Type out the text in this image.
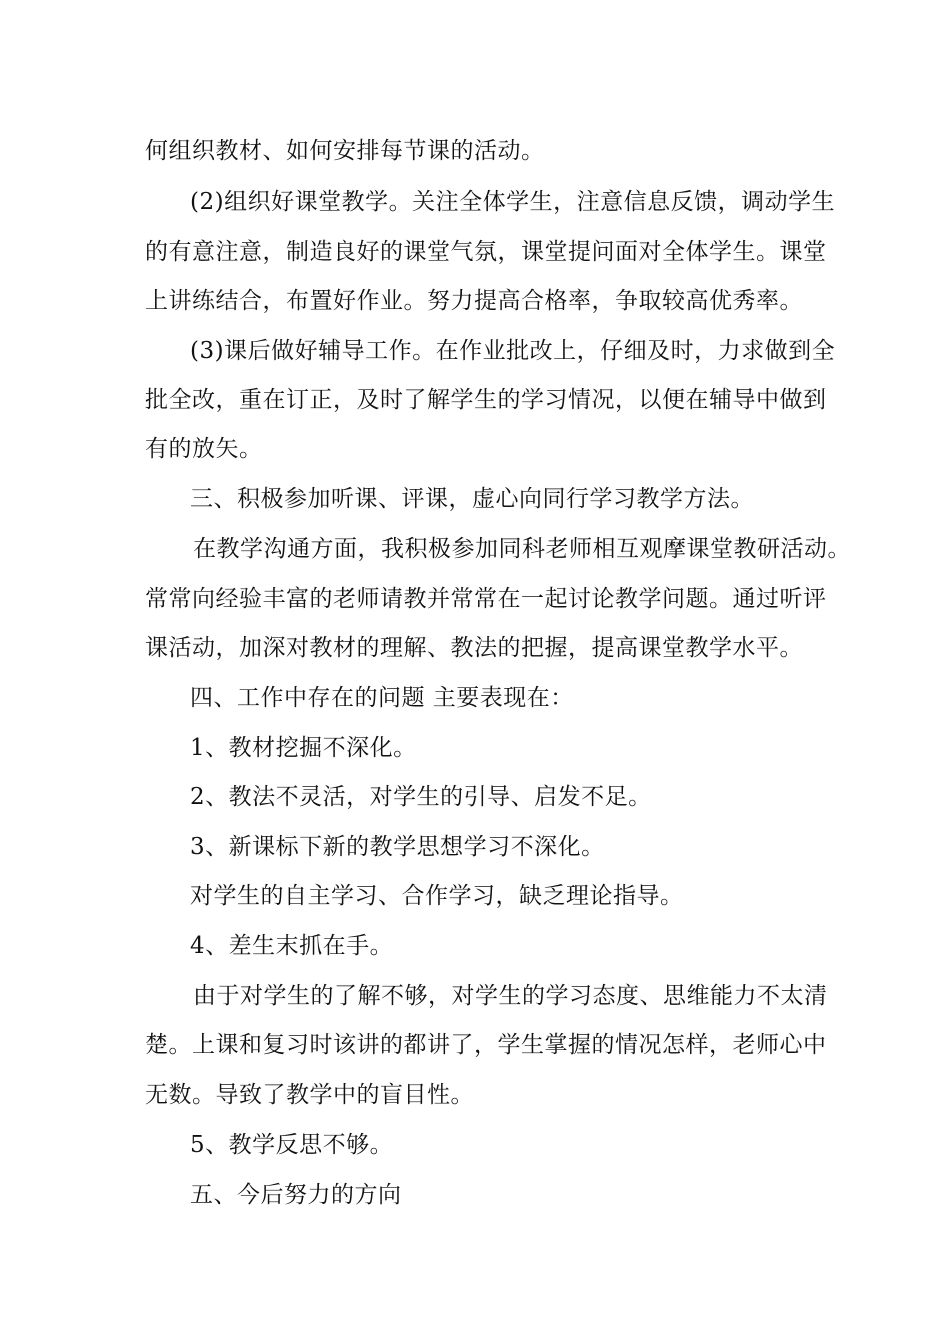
何组织教材、如何安排每节课的活动。
(2)组织好课堂教学。关注全体学生，注意信息反馈，调动学生
的有意注意，制造良好的课堂气氛，课堂提问面对全体学生。课堂
上讲练结合，布置好作业。努力提高合格率，争取较高优秀率。
(3)课后做好辅导工作。在作业批改上，仔细及时，力求做到全
批全改，重在订正，及时了解学生的学习情况，以便在辅导中做到
有的放矢。
三、积极参加听课、评课，虚心向同行学习教学方法。
在教学沟通方面，我积极参加同科老师相互观摩课堂教研活动。
常常向经验丰富的老师请教并常常在一起讨论教学问题。通过听评
课活动，加深对教材的理解、教法的把握，提高课堂教学水平。
四、工作中存在的问题 主要表现在：
1、教材挖掘不深化。
2、教法不灵活，对学生的引导、启发不足。
3、新课标下新的教学思想学习不深化。
对学生的自主学习、合作学习，缺乏理论指导。
4、差生末抓在手。
由于对学生的了解不够，对学生的学习态度、思维能力不太清
楚。上课和复习时该讲的都讲了，学生掌握的情况怎样，老师心中
无数。导致了教学中的盲目性。
5、教学反思不够。
五、今后努力的方向
